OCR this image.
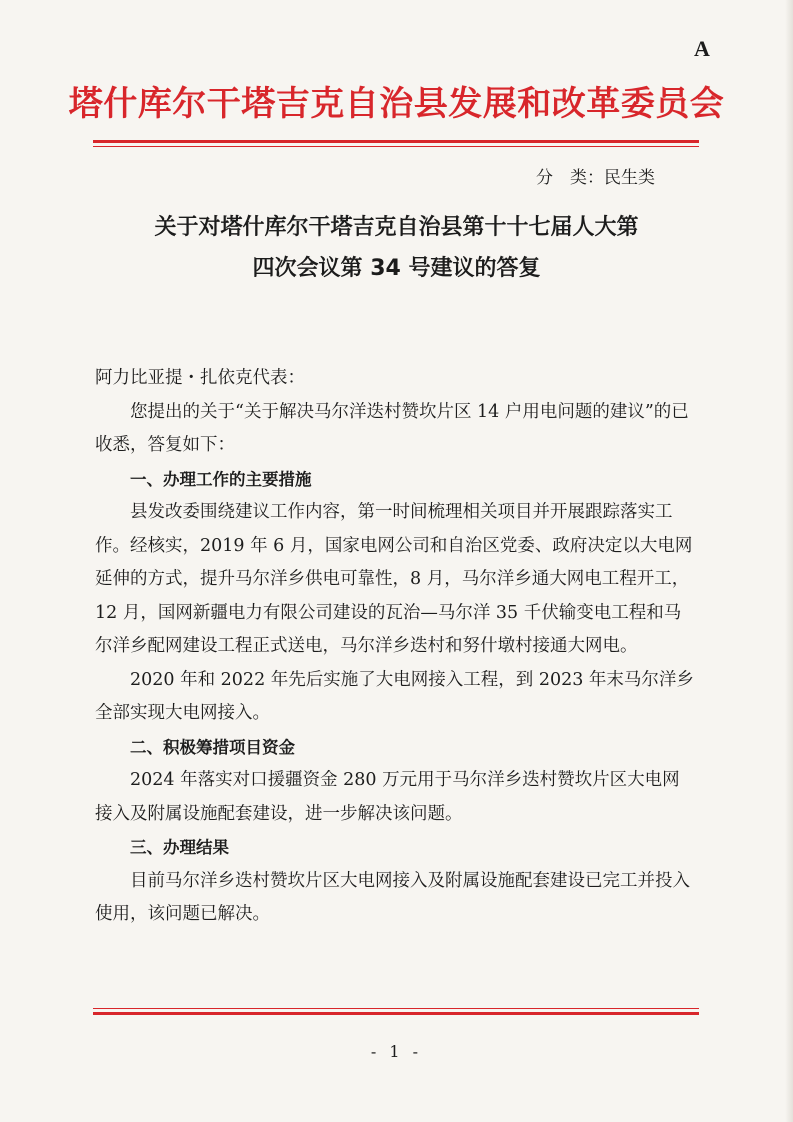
A
塔什库尔干塔吉克自治县发展和改革委员会
分　类：民生类
关于对塔什库尔干塔吉克自治县第十十七届人大第
四次会议第 34 号建议的答复

阿力比亚提・扎依克代表：

您提出的关于“关于解决马尔洋迭村赞坎片区 14 户用电问题的建议”的已收悉，答复如下：

一、办理工作的主要措施

县发改委围绕建议工作内容，第一时间梳理相关项目并开展跟踪落实工作。经核实，2019 年 6 月，国家电网公司和自治区党委、政府决定以大电网延伸的方式，提升马尔洋乡供电可靠性，8 月，马尔洋乡通大网电工程开工，12 月，国网新疆电力有限公司建设的瓦治—马尔洋 35 千伏输变电工程和马尔洋乡配网建设工程正式送电，马尔洋乡迭村和努什墩村接通大网电。

2020 年和 2022 年先后实施了大电网接入工程，到 2023 年末马尔洋乡全部实现大电网接入。

二、积极筹措项目资金

2024 年落实对口援疆资金 280 万元用于马尔洋乡迭村赞坎片区大电网接入及附属设施配套建设，进一步解决该问题。

三、办理结果

目前马尔洋乡迭村赞坎片区大电网接入及附属设施配套建设已完工并投入使用，该问题已解决。

- 1 -
